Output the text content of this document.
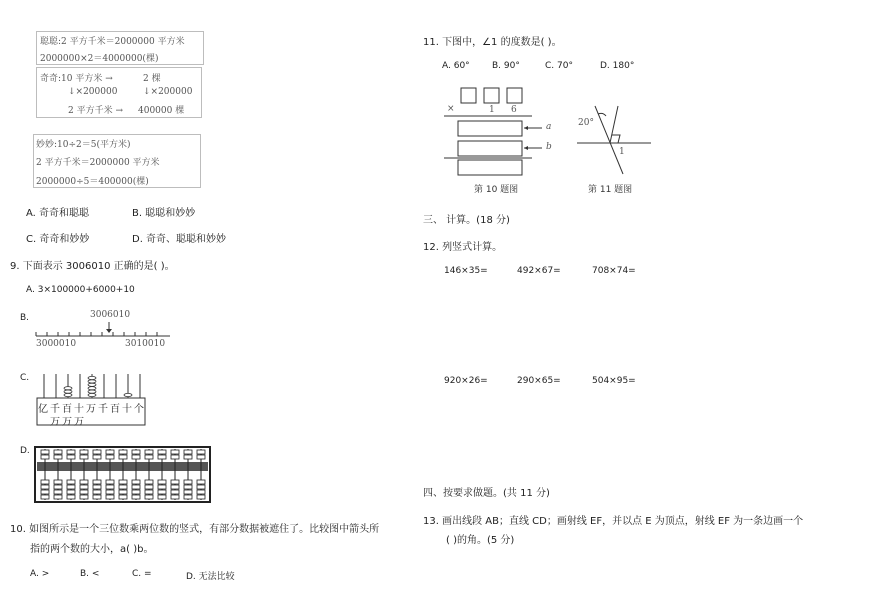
聪聪:2 平方千米＝2000000 平方米
2000000×2＝4000000(棵)
奇奇:10 平方米 →	2 棵
↓×200000	↓×200000
2 平方千米 → 400000 棵
妙妙:10÷2＝5(平方米)
2 平方千米＝2000000 平方米
2000000÷5＝400000(棵)
A. 奇奇和聪聪	B. 聪聪和妙妙
C. 奇奇和妙妙	D. 奇奇、聪聪和妙妙
9. 下面表示 3006010 正确的是( )。
A. 3×100000+6000+10
B.	3006010
3000010	3010010
C.
亿 千 百 十 万 千 百 十 个
万 万 万
D.
10. 如图所示是一个三位数乘两位数的竖式，有部分数据被遮住了。比较图中箭头所
指的两个数的大小，a( )b。
A. >	B. <	C. =	D. 无法比较
11. 下图中，∠1 的度数是( )。
A. 60° B. 90°	C. 70°	D. 180°
×	1 6
a
b
第 10 题图
20°
1
第 11 题图
三、 计算。(18 分)
12. 列竖式计算。
146×35=	492×67=	708×74=
920×26=	290×65=	504×95=
四、按要求做题。(共 11 分)
13. 画出线段 AB；直线 CD；画射线 EF，并以点 E 为顶点，射线 EF 为一条边画一个
( )的角。(5 分)
